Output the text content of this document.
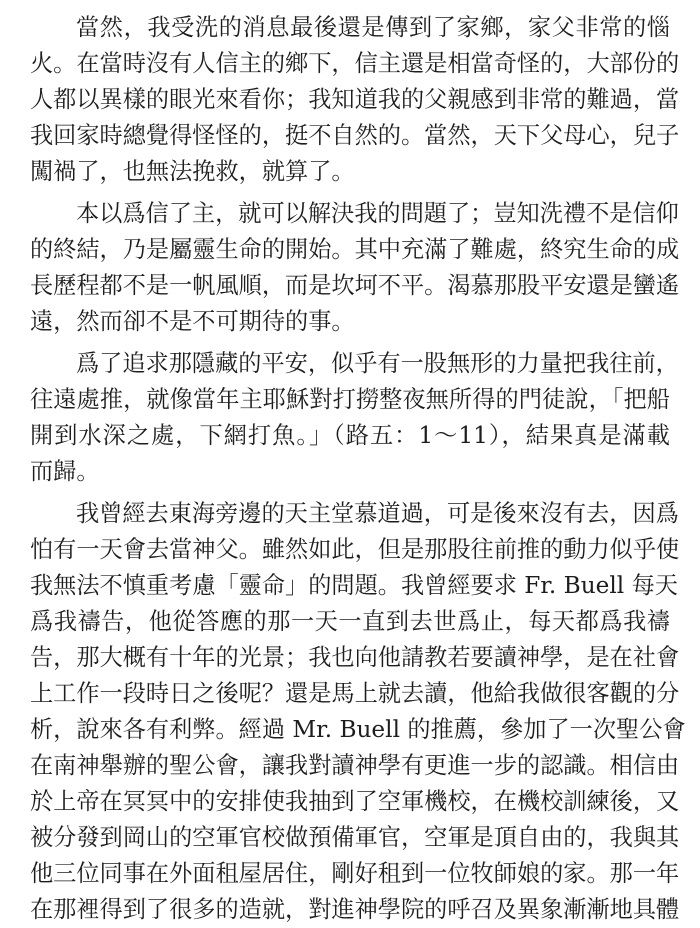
當然，我受洗的消息最後還是傳到了家鄉，家父非常的惱
火。在當時沒有人信主的鄉下，信主還是相當奇怪的，大部份的
人都以異樣的眼光來看你；我知道我的父親感到非常的難過，當
我回家時總覺得怪怪的，挺不自然的。當然，天下父母心，兒子
闖禍了，也無法挽救，就算了。
本以爲信了主，就可以解決我的問題了；豈知洗禮不是信仰
的終結，乃是屬靈生命的開始。其中充滿了難處，終究生命的成
長歷程都不是一帆風順，而是坎坷不平。渴慕那股平安還是蠻遙
遠，然而卻不是不可期待的事。
爲了追求那隱藏的平安，似乎有一股無形的力量把我往前，
往遠處推，就像當年主耶穌對打撈整夜無所得的門徒說，「把船
開到水深之處，下網打魚。」（路五：1～11），結果真是滿載
而歸。
我曾經去東海旁邊的天主堂慕道過，可是後來沒有去，因爲
怕有一天會去當神父。雖然如此，但是那股往前推的動力似乎使
我無法不慎重考慮「靈命」的問題。我曾經要求 Fr. Buell 每天
爲我禱告，他從答應的那一天一直到去世爲止，每天都爲我禱
告，那大概有十年的光景；我也向他請教若要讀神學，是在社會
上工作一段時日之後呢？還是馬上就去讀，他給我做很客觀的分
析，說來各有利弊。經過 Mr. Buell 的推薦，參加了一次聖公會
在南神舉辦的聖公會，讓我對讀神學有更進一步的認識。相信由
於上帝在冥冥中的安排使我抽到了空軍機校，在機校訓練後，又
被分發到岡山的空軍官校做預備軍官，空軍是頂自由的，我與其
他三位同事在外面租屋居住，剛好租到一位牧師娘的家。那一年
在那裡得到了很多的造就，對進神學院的呼召及異象漸漸地具體
